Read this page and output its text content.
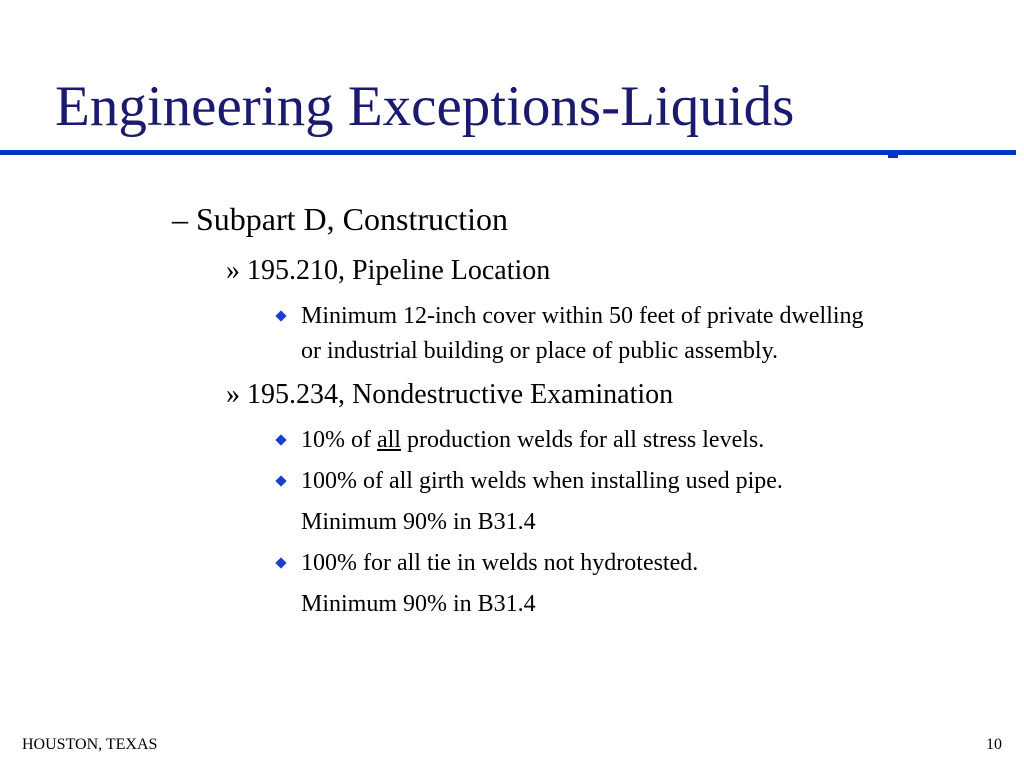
Engineering Exceptions-Liquids
– Subpart D, Construction
» 195.210, Pipeline Location
Minimum 12-inch cover within 50 feet of private dwelling
or industrial building or place of public assembly.
» 195.234, Nondestructive Examination
10% of all production welds for all stress levels.
100% of all girth welds when installing used pipe.
Minimum 90% in B31.4
100% for all tie in welds not hydrotested.
Minimum 90% in B31.4
HOUSTON, TEXAS	10
